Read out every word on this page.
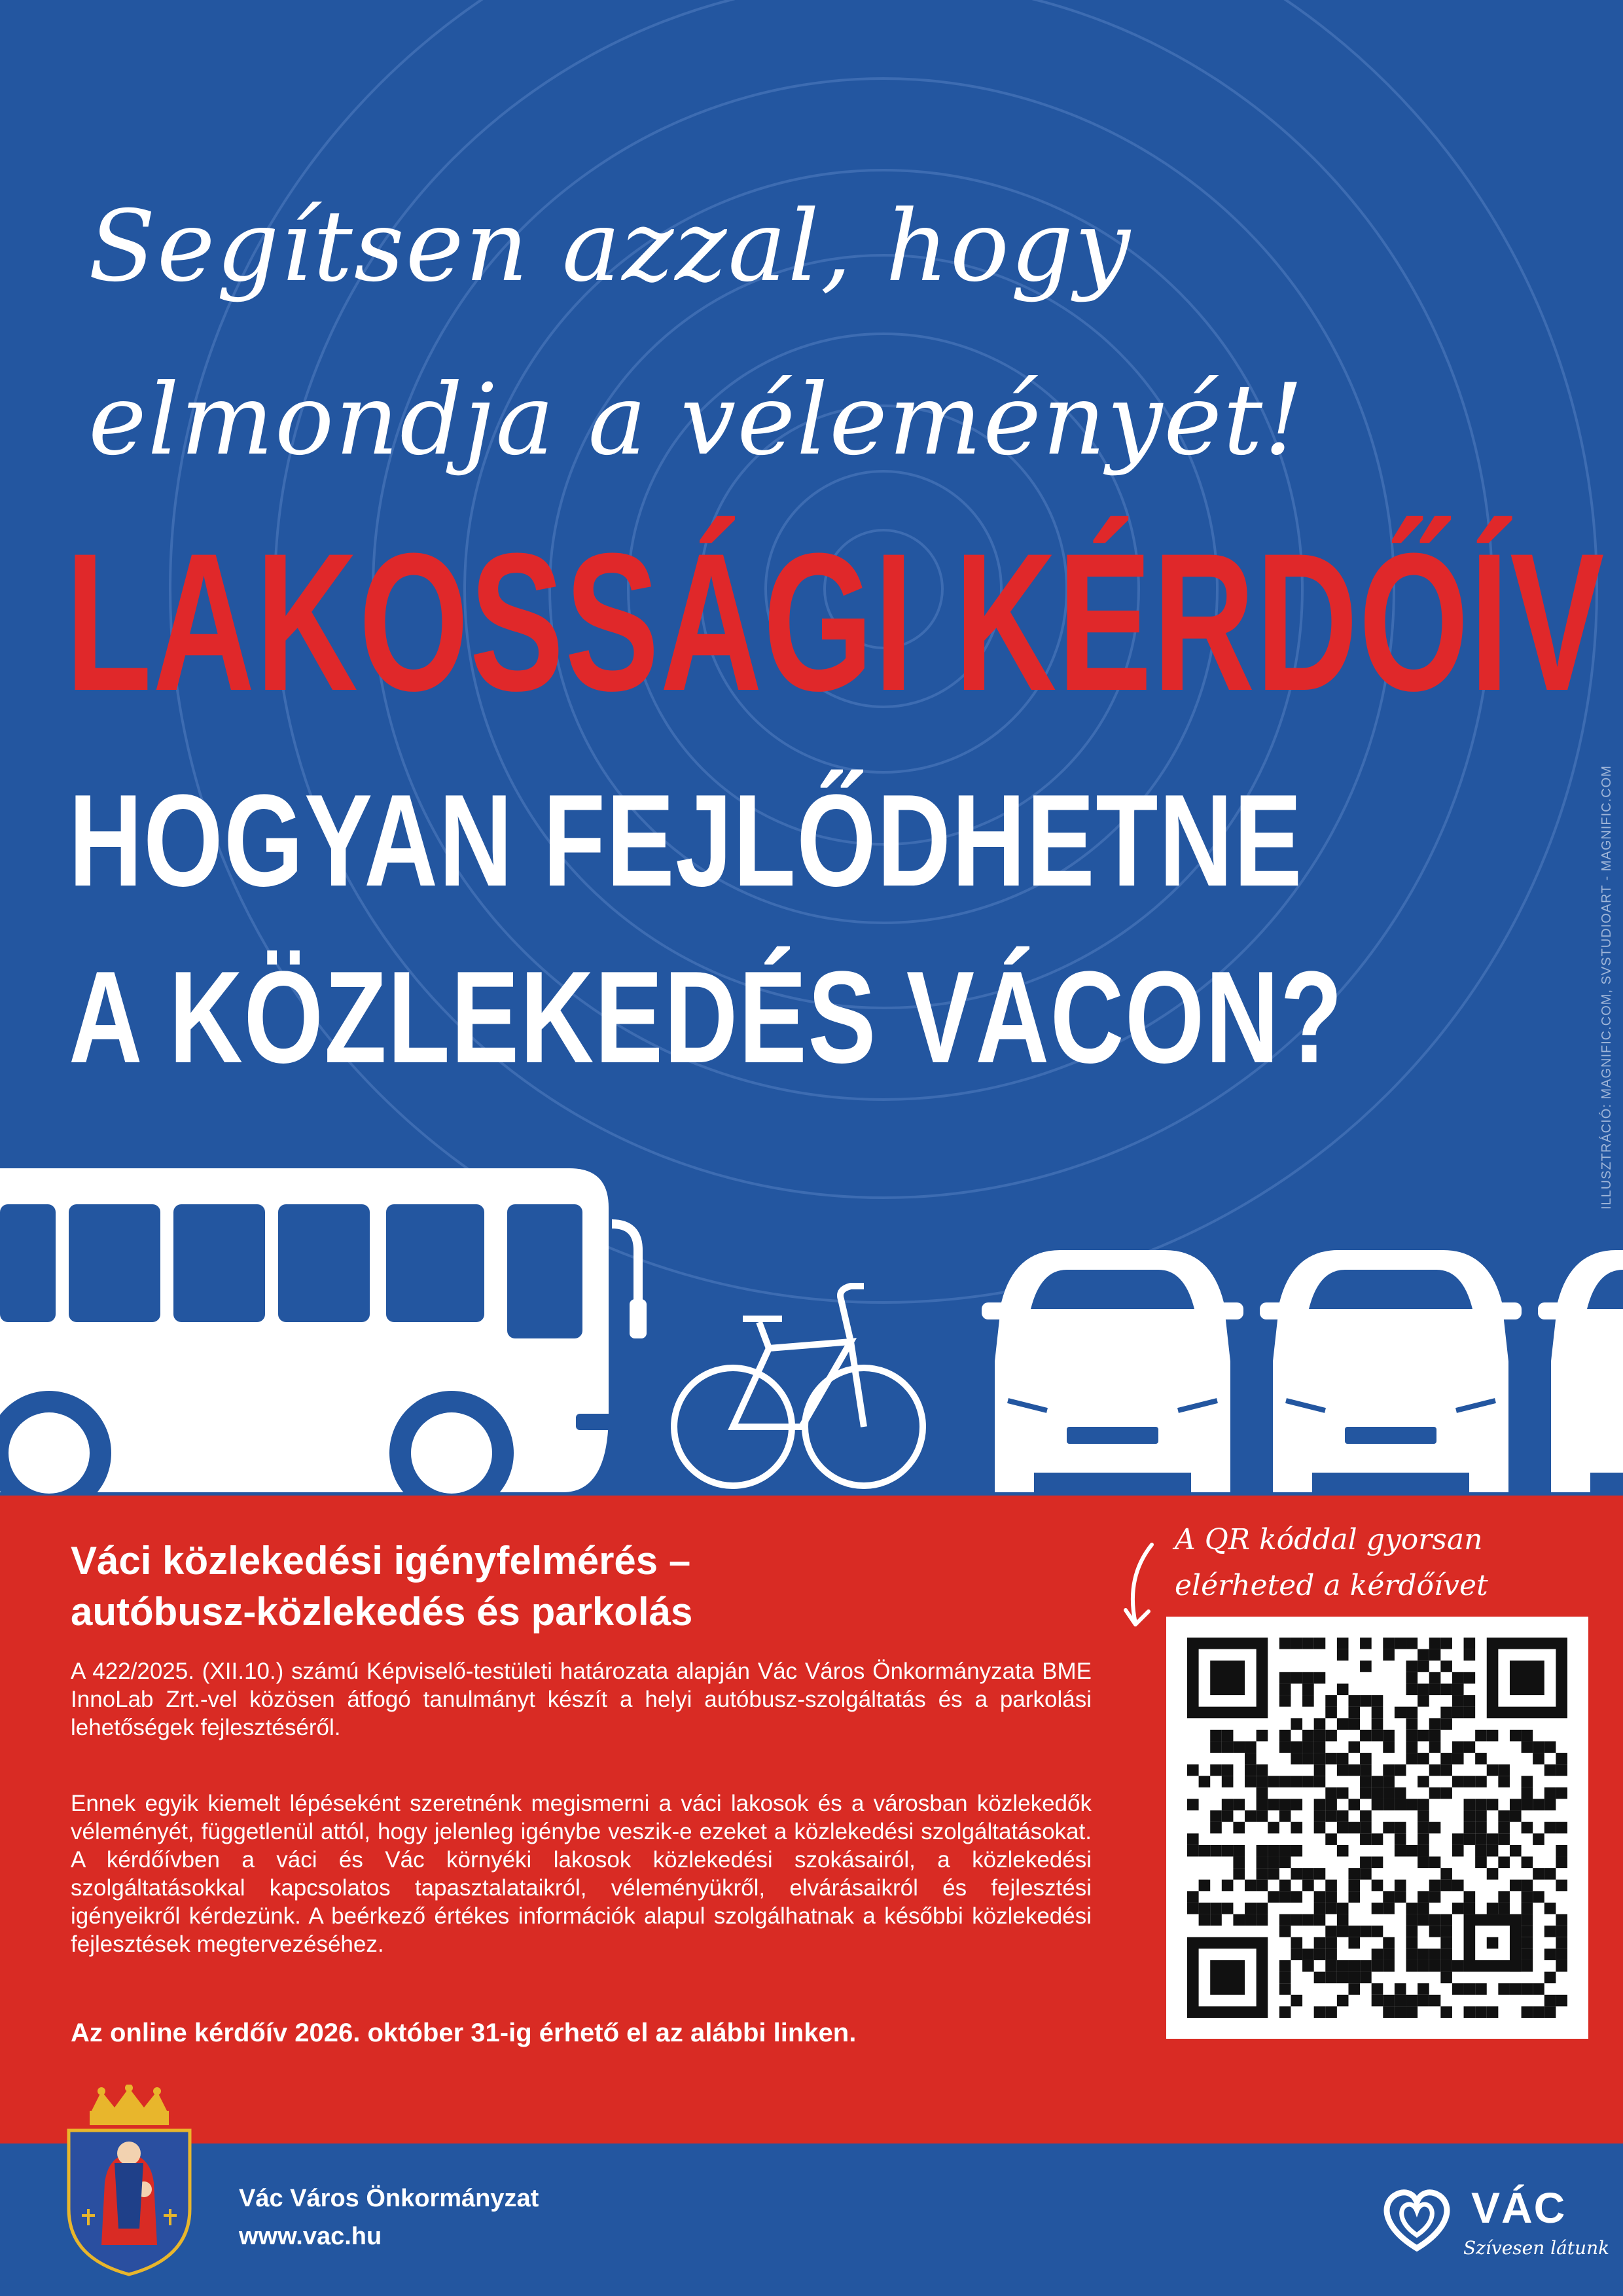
Segítsen azzal, hogy
elmondja a véleményét!
LAKOSSÁGI KÉRDŐÍV
HOGYAN FEJLŐDHETNE
A KÖZLEKEDÉS VÁCON?	ILLUSZTRÁCIÓ: MAGNIFIC.COM, SVSTUDIOART - MAGNIFIC.COM
Váci közlekedési igényfelmérés –
autóbusz-közlekedés és parkolás
A 422/2025. (XII.10.) számú Képviselő-testületi határozata alapján Vác Város Önkormányzata BME InnoLab Zrt.-vel közösen átfogó tanulmányt készít a helyi autóbusz-szolgáltatás és a parkolási lehetőségek fejlesztéséről.
Ennek egyik kiemelt lépéseként szeretnénk megismerni a váci lakosok és a városban közlekedők véleményét, függetlenül attól, hogy jelenleg igénybe veszik-e ezeket a közlekedési szolgáltatásokat. A kérdőívben a váci és Vác környéki lakosok közlekedési szokásairól, a közlekedési szolgáltatásokkal kapcsolatos tapasztalataikról, véleményükről, elvárásaikról és fejlesztési igényeikről kérdezünk. A beérkező értékes információk alapul szolgálhatnak a későbbi közlekedési fejlesztések megtervezéséhez.
Az online kérdőív 2026. október 31-ig érhető el az alábbi linken.
A QR kóddal gyorsan
elérheted a kérdőívet
Vác Város Önkormányzat
www.vac.hu
VÁC
Szívesen látunk
